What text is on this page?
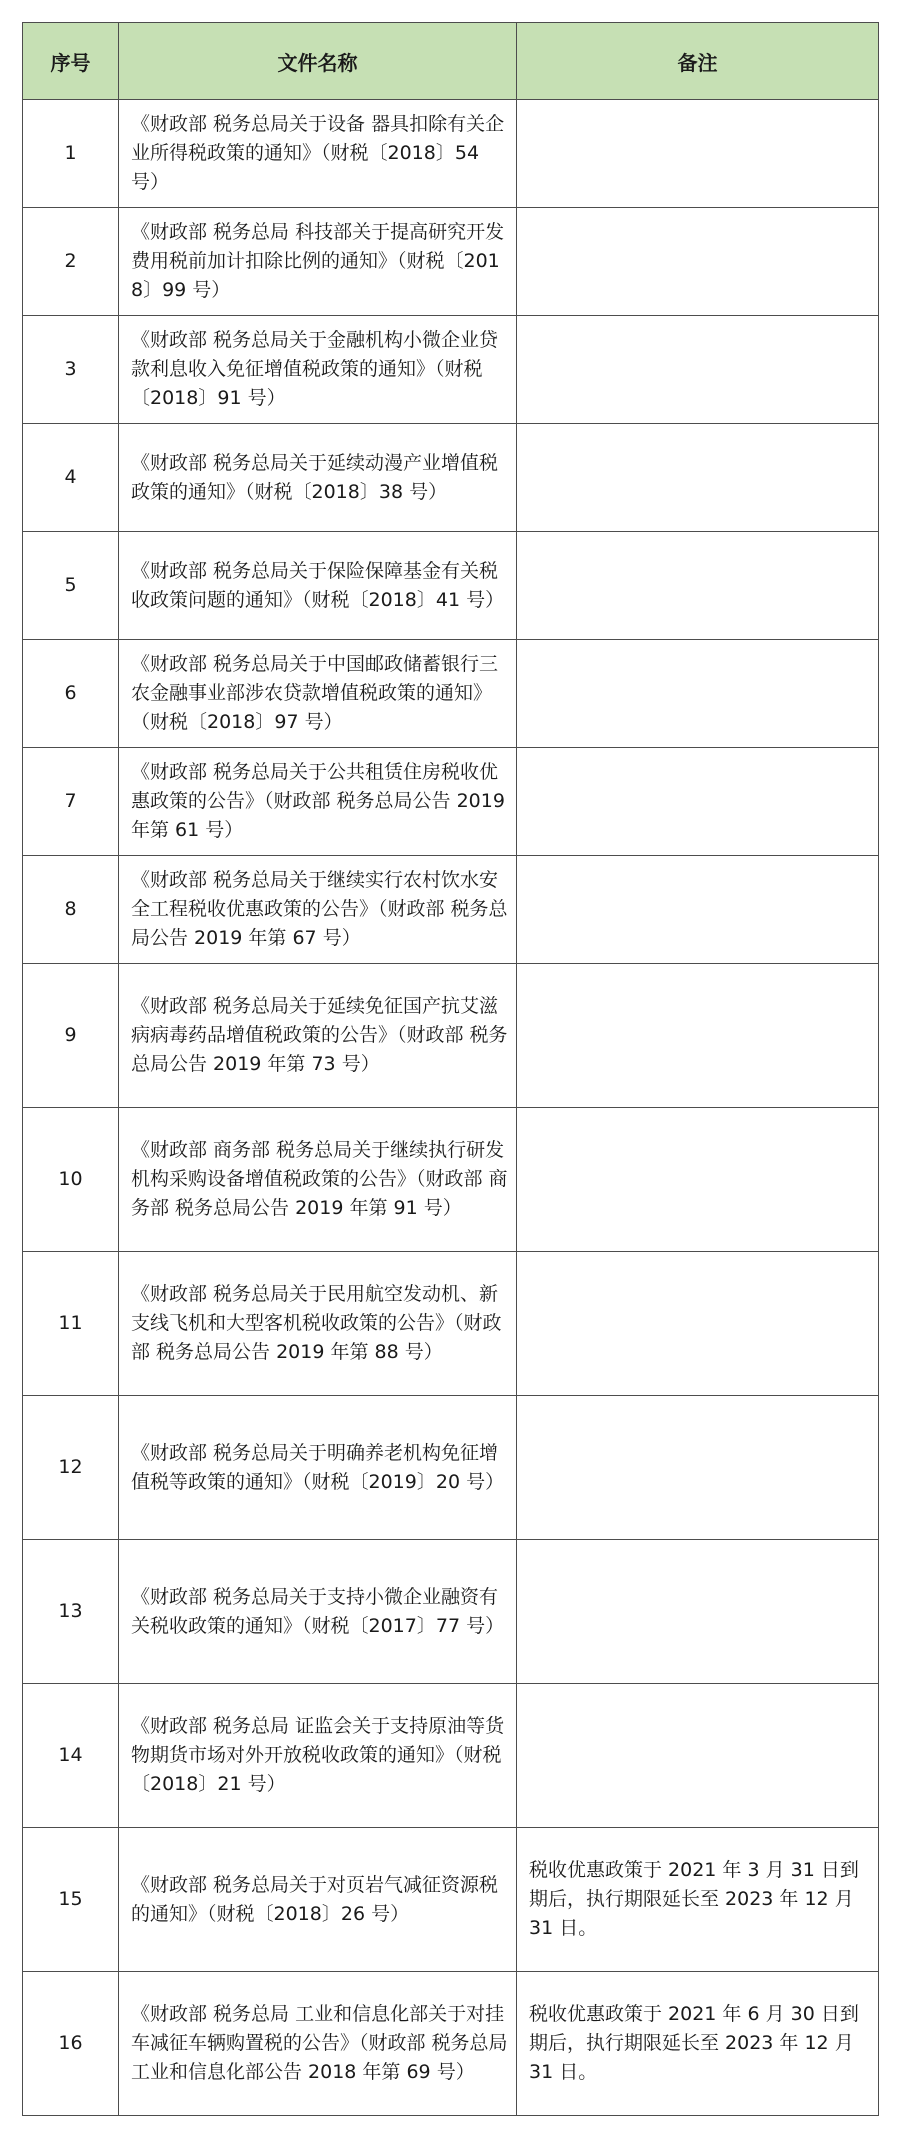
序号	文件名称	备注
1	《财政部 税务总局关于设备 器具扣除有关企业所得税政策的通知》（财税〔2018〕54 号）	
2	《财政部 税务总局 科技部关于提高研究开发费用税前加计扣除比例的通知》（财税〔2018〕99 号）	
3	《财政部 税务总局关于金融机构小微企业贷款利息收入免征增值税政策的通知》（财税〔2018〕91 号）	
4	《财政部 税务总局关于延续动漫产业增值税政策的通知》（财税〔2018〕38 号）	
5	《财政部 税务总局关于保险保障基金有关税收政策问题的通知》（财税〔2018〕41 号）	
6	《财政部 税务总局关于中国邮政储蓄银行三农金融事业部涉农贷款增值税政策的通知》（财税〔2018〕97 号）	
7	《财政部 税务总局关于公共租赁住房税收优惠政策的公告》（财政部 税务总局公告 2019 年第 61 号）	
8	《财政部 税务总局关于继续实行农村饮水安全工程税收优惠政策的公告》（财政部 税务总局公告 2019 年第 67 号）	
9	《财政部 税务总局关于延续免征国产抗艾滋病病毒药品增值税政策的公告》（财政部 税务总局公告 2019 年第 73 号）	
10	《财政部 商务部 税务总局关于继续执行研发机构采购设备增值税政策的公告》（财政部 商务部 税务总局公告 2019 年第 91 号）	
11	《财政部 税务总局关于民用航空发动机、新支线飞机和大型客机税收政策的公告》（财政部 税务总局公告 2019 年第 88 号）	
12	《财政部 税务总局关于明确养老机构免征增值税等政策的通知》（财税〔2019〕20 号）	
13	《财政部 税务总局关于支持小微企业融资有关税收政策的通知》（财税〔2017〕77 号）	
14	《财政部 税务总局 证监会关于支持原油等货物期货市场对外开放税收政策的通知》（财税〔2018〕21 号）	
15	《财政部 税务总局关于对页岩气减征资源税的通知》（财税〔2018〕26 号）	税收优惠政策于 2021 年 3 月 31 日到期后，执行期限延长至 2023 年 12 月 31 日。
16	《财政部 税务总局 工业和信息化部关于对挂车减征车辆购置税的公告》（财政部 税务总局 工业和信息化部公告 2018 年第 69 号）	税收优惠政策于 2021 年 6 月 30 日到期后，执行期限延长至 2023 年 12 月 31 日。
